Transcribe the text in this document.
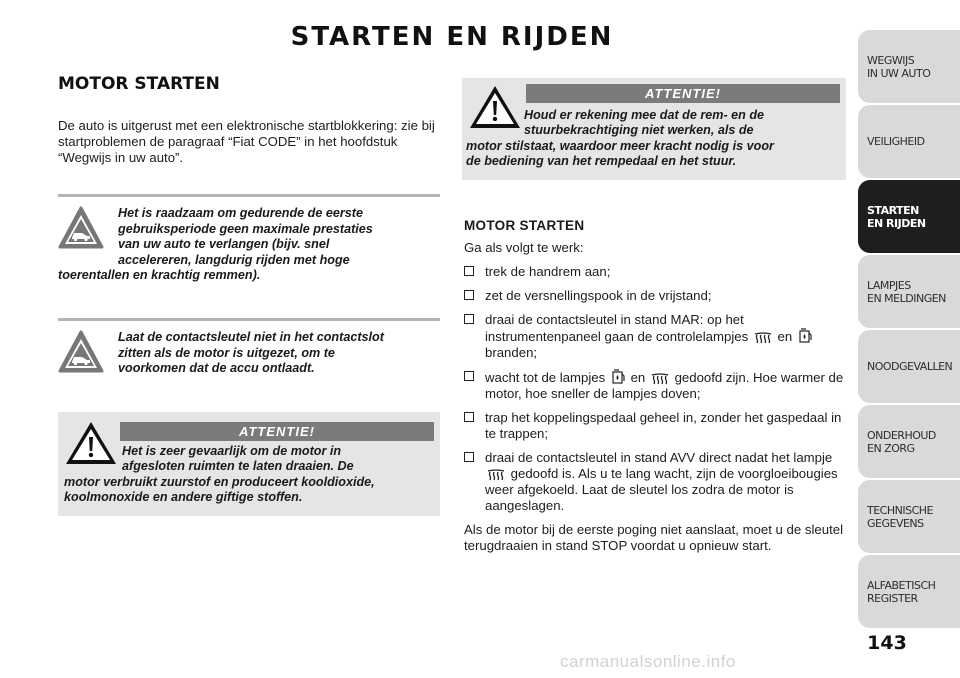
STARTEN EN RIJDEN
MOTOR STARTEN
De auto is uitgerust met een elektronische startblokkering: zie bij startproblemen de paragraaf “Fiat CODE” in het hoofdstuk “Wegwijs in uw auto”.
Het is raadzaam om gedurende de eerste
gebruiksperiode geen maximale prestaties
van uw auto te verlangen (bijv. snel
accelereren, langdurig rijden met hoge
toerentallen en krachtig remmen).
Laat de contactsleutel niet in het contactslot
zitten als de motor is uitgezet, om te
voorkomen dat de accu ontlaadt.
ATTENTIE!
Het is zeer gevaarlijk om de motor in
afgesloten ruimten te laten draaien. De
motor verbruikt zuurstof en produceert kooldioxide,
koolmonoxide en andere giftige stoffen.
ATTENTIE!
Houd er rekening mee dat de rem- en de
stuurbekrachtiging niet werken, als de
motor stilstaat, waardoor meer kracht nodig is voor
de bediening van het rempedaal en het stuur.
MOTOR STARTEN
Ga als volgt te werk:
trek de handrem aan;
zet de versnellingspook in de vrijstand;
draai de contactsleutel in stand MAR: op het instrumentenpaneel gaan de controlelampjes en  branden;
wacht tot de lampjes en gedoofd zijn. Hoe warmer de motor, hoe sneller de lampjes doven;
trap het koppelingspedaal geheel in, zonder het gaspedaal in te trappen;
draai de contactsleutel in stand AVV direct nadat het lampje  gedoofd is. Als u te lang wacht, zijn de voorgloeibougies weer afgekoeld. Laat de sleutel los zodra de motor is aangeslagen.
Als de motor bij de eerste poging niet aanslaat, moet u de sleutel terugdraaien in stand STOP voordat u opnieuw start.
WEGWIJS
IN UW AUTO
VEILIGHEID
STARTEN
EN RIJDEN
LAMPJES
EN MELDINGEN
NOODGEVALLEN
ONDERHOUD
EN ZORG
TECHNISCHE
GEGEVENS
ALFABETISCH
REGISTER
143
carmanualsonline.info
